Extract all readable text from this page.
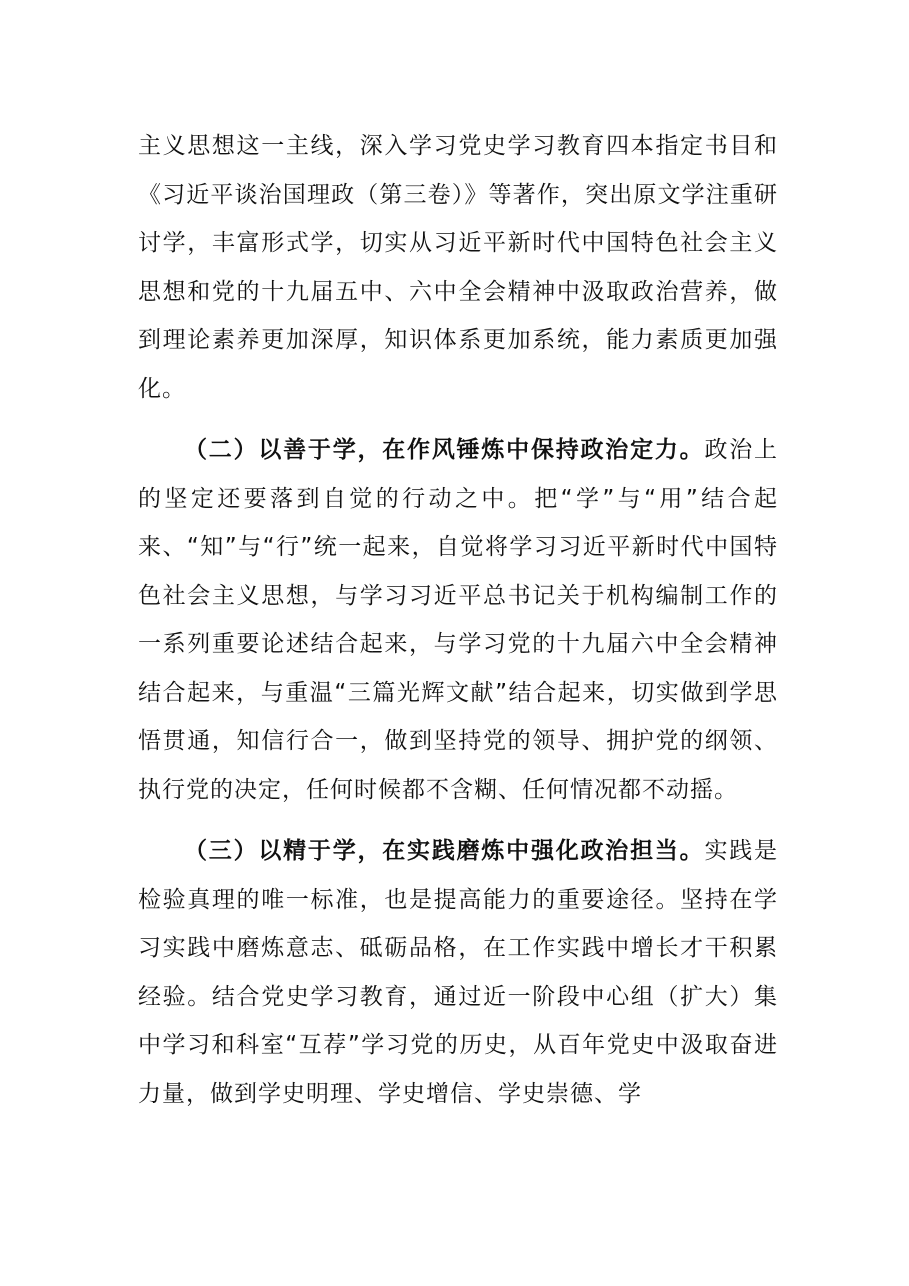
主义思想这一主线，深入学习党史学习教育四本指定书目和《习近平谈治国理政（第三卷）》等著作，突出原文学注重研讨学，丰富形式学，切实从习近平新时代中国特色社会主义思想和党的十九届五中、六中全会精神中汲取政治营养，做到理论素养更加深厚，知识体系更加系统，能力素质更加强化。

（二）以善于学，在作风锤炼中保持政治定力。政治上的坚定还要落到自觉的行动之中。把“学”与“用”结合起来、“知”与“行”统一起来，自觉将学习习近平新时代中国特色社会主义思想，与学习习近平总书记关于机构编制工作的一系列重要论述结合起来，与学习党的十九届六中全会精神结合起来，与重温“三篇光辉文献”结合起来，切实做到学思悟贯通，知信行合一，做到坚持党的领导、拥护党的纲领、执行党的决定，任何时候都不含糊、任何情况都不动摇。

（三）以精于学，在实践磨炼中强化政治担当。实践是检验真理的唯一标准，也是提高能力的重要途径。坚持在学习实践中磨炼意志、砥砺品格，在工作实践中增长才干积累经验。结合党史学习教育，通过近一阶段中心组（扩大）集中学习和科室“互荐”学习党的历史，从百年党史中汲取奋进力量，做到学史明理、学史增信、学史崇德、学
